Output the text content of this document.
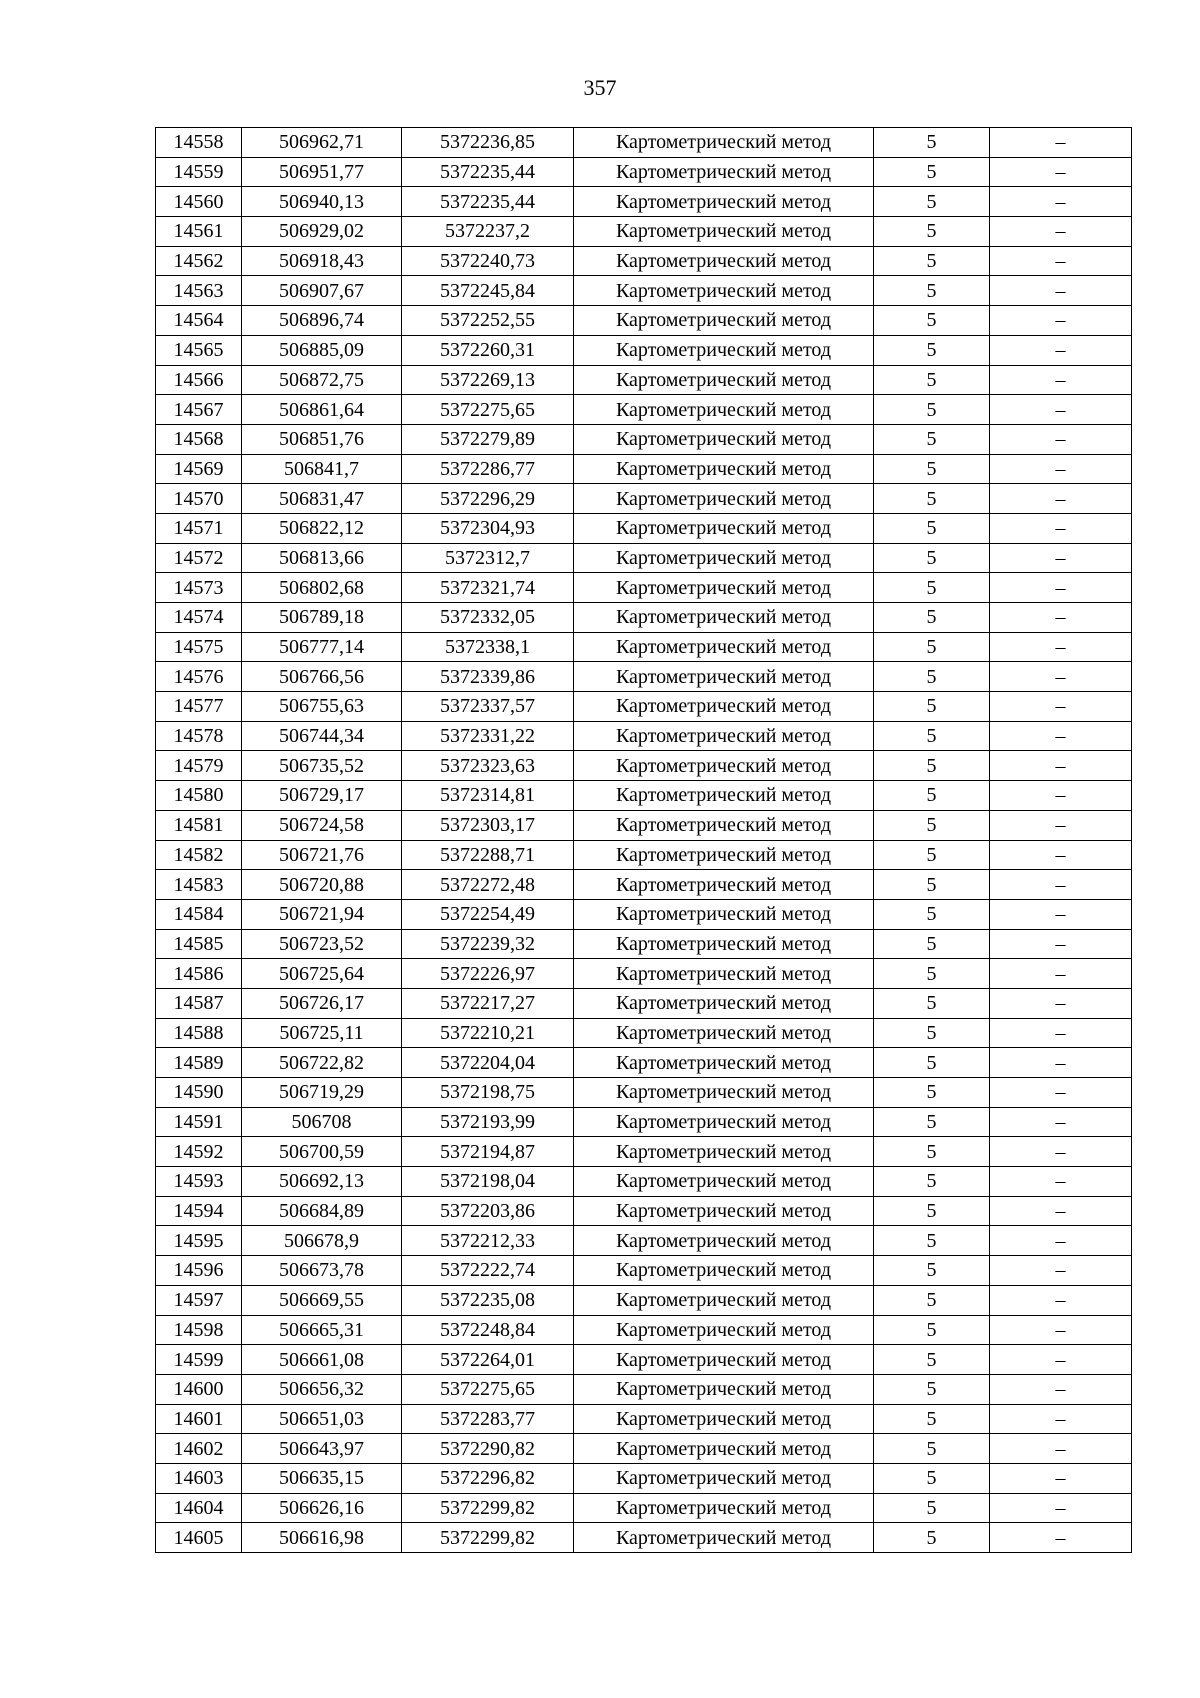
357
14558	506962,71	5372236,85	Картометрический метод	5	–
14559	506951,77	5372235,44	Картометрический метод	5	–
14560	506940,13	5372235,44	Картометрический метод	5	–
14561	506929,02	5372237,2	Картометрический метод	5	–
14562	506918,43	5372240,73	Картометрический метод	5	–
14563	506907,67	5372245,84	Картометрический метод	5	–
14564	506896,74	5372252,55	Картометрический метод	5	–
14565	506885,09	5372260,31	Картометрический метод	5	–
14566	506872,75	5372269,13	Картометрический метод	5	–
14567	506861,64	5372275,65	Картометрический метод	5	–
14568	506851,76	5372279,89	Картометрический метод	5	–
14569	506841,7	5372286,77	Картометрический метод	5	–
14570	506831,47	5372296,29	Картометрический метод	5	–
14571	506822,12	5372304,93	Картометрический метод	5	–
14572	506813,66	5372312,7	Картометрический метод	5	–
14573	506802,68	5372321,74	Картометрический метод	5	–
14574	506789,18	5372332,05	Картометрический метод	5	–
14575	506777,14	5372338,1	Картометрический метод	5	–
14576	506766,56	5372339,86	Картометрический метод	5	–
14577	506755,63	5372337,57	Картометрический метод	5	–
14578	506744,34	5372331,22	Картометрический метод	5	–
14579	506735,52	5372323,63	Картометрический метод	5	–
14580	506729,17	5372314,81	Картометрический метод	5	–
14581	506724,58	5372303,17	Картометрический метод	5	–
14582	506721,76	5372288,71	Картометрический метод	5	–
14583	506720,88	5372272,48	Картометрический метод	5	–
14584	506721,94	5372254,49	Картометрический метод	5	–
14585	506723,52	5372239,32	Картометрический метод	5	–
14586	506725,64	5372226,97	Картометрический метод	5	–
14587	506726,17	5372217,27	Картометрический метод	5	–
14588	506725,11	5372210,21	Картометрический метод	5	–
14589	506722,82	5372204,04	Картометрический метод	5	–
14590	506719,29	5372198,75	Картометрический метод	5	–
14591	506708	5372193,99	Картометрический метод	5	–
14592	506700,59	5372194,87	Картометрический метод	5	–
14593	506692,13	5372198,04	Картометрический метод	5	–
14594	506684,89	5372203,86	Картометрический метод	5	–
14595	506678,9	5372212,33	Картометрический метод	5	–
14596	506673,78	5372222,74	Картометрический метод	5	–
14597	506669,55	5372235,08	Картометрический метод	5	–
14598	506665,31	5372248,84	Картометрический метод	5	–
14599	506661,08	5372264,01	Картометрический метод	5	–
14600	506656,32	5372275,65	Картометрический метод	5	–
14601	506651,03	5372283,77	Картометрический метод	5	–
14602	506643,97	5372290,82	Картометрический метод	5	–
14603	506635,15	5372296,82	Картометрический метод	5	–
14604	506626,16	5372299,82	Картометрический метод	5	–
14605	506616,98	5372299,82	Картометрический метод	5	–
